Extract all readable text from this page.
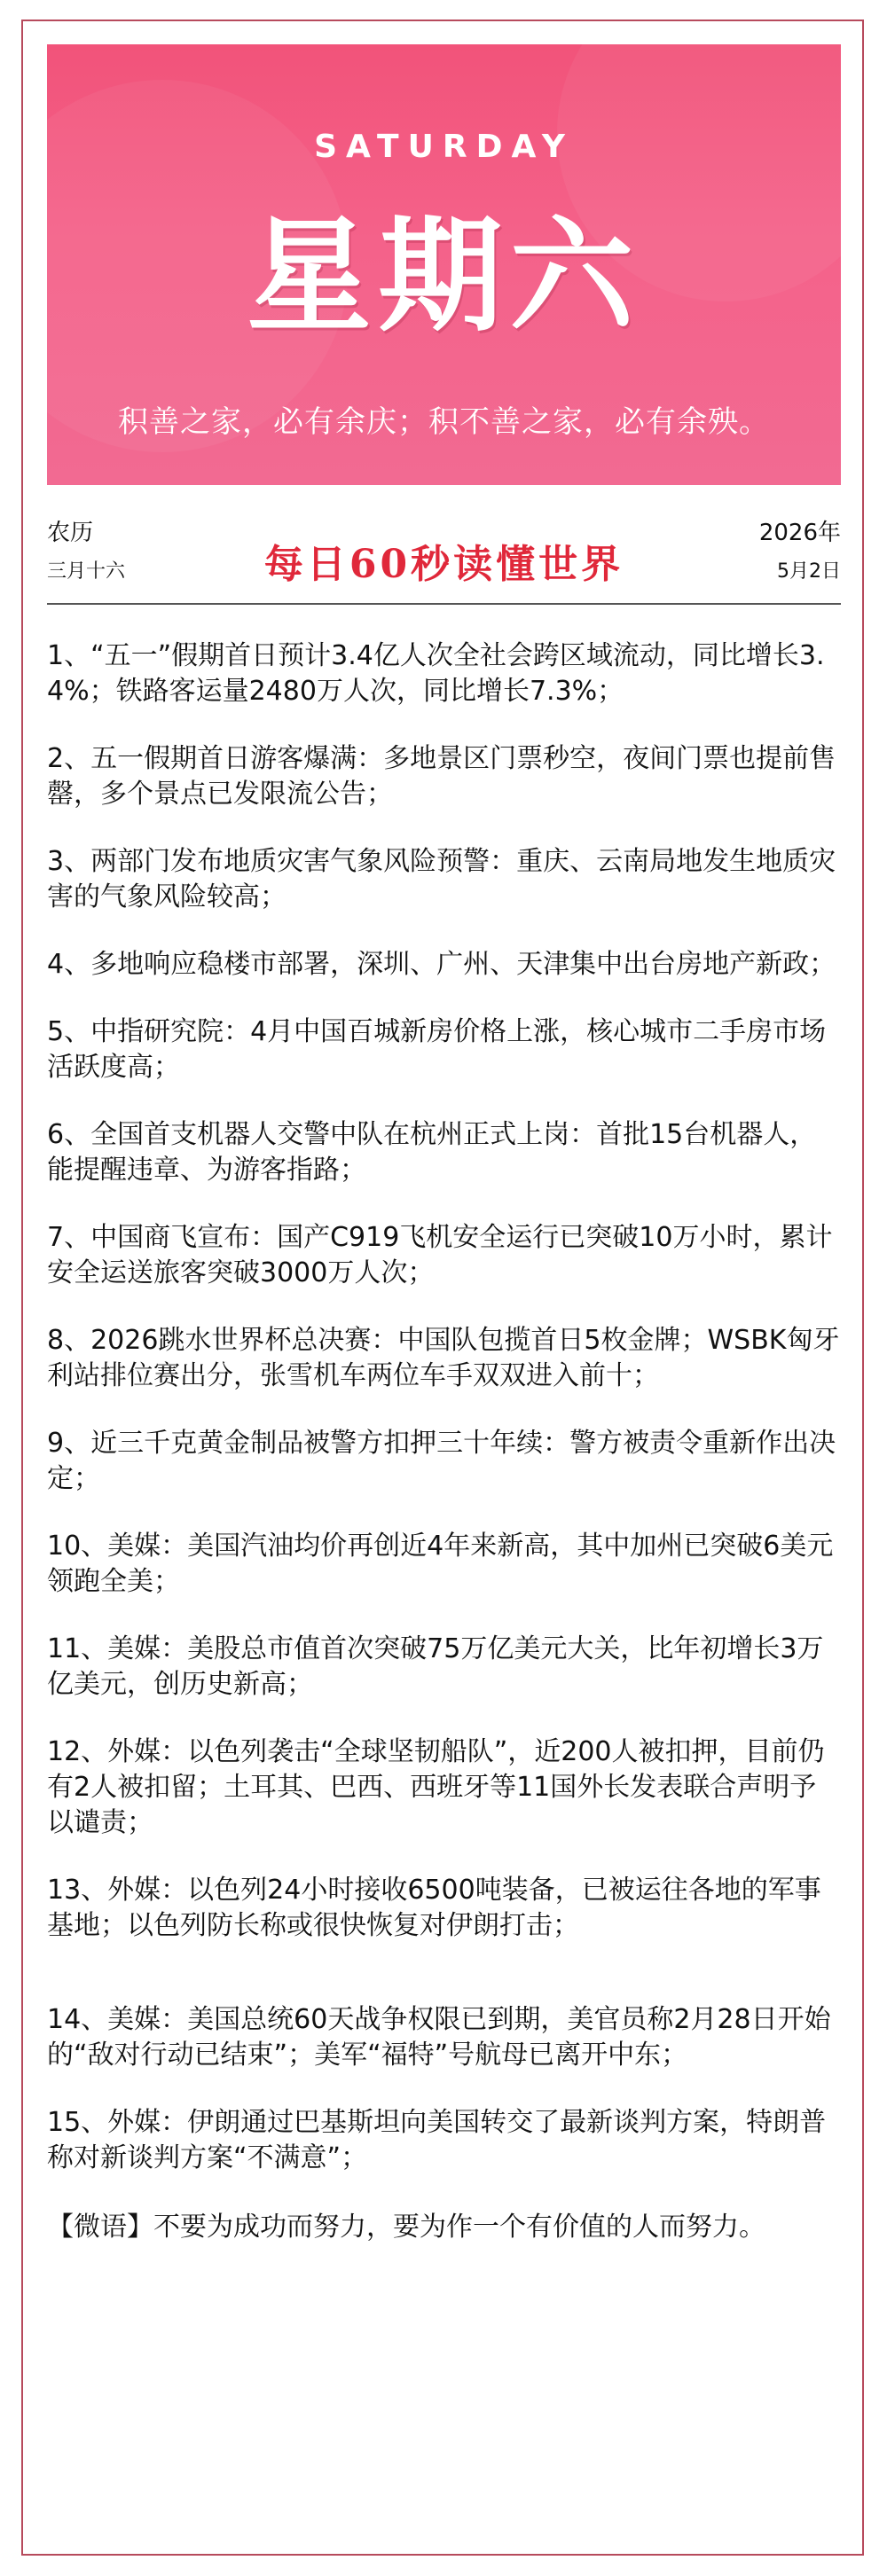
SATURDAY
星期六
积善之家，必有余庆；积不善之家，必有余殃。
农历
三月十六	每日60秒读懂世界
2026年
5月2日
1、“五一”假期首日预计3.4亿人次全社会跨区域流动，同比增长3.4%；铁路客运量2480万人次，同比增长7.3%；
2、五一假期首日游客爆满：多地景区门票秒空，夜间门票也提前售罄，多个景点已发限流公告；
3、两部门发布地质灾害气象风险预警：重庆、云南局地发生地质灾害的气象风险较高；
4、多地响应稳楼市部署，深圳、广州、天津集中出台房地产新政；
5、中指研究院：4月中国百城新房价格上涨，核心城市二手房市场活跃度高；
6、全国首支机器人交警中队在杭州正式上岗：首批15台机器人，能提醒违章、为游客指路；
7、中国商飞宣布：国产C919飞机安全运行已突破10万小时，累计安全运送旅客突破3000万人次；
8、2026跳水世界杯总决赛：中国队包揽首日5枚金牌；WSBK匈牙利站排位赛出分，张雪机车两位车手双双进入前十；
9、近三千克黄金制品被警方扣押三十年续：警方被责令重新作出决定；
10、美媒：美国汽油均价再创近4年来新高，其中加州已突破6美元领跑全美；
11、美媒：美股总市值首次突破75万亿美元大关，比年初增长3万亿美元，创历史新高；
12、外媒：以色列袭击“全球坚韧船队”，近200人被扣押，目前仍有2人被扣留；土耳其、巴西、西班牙等11国外长发表联合声明予以谴责；
13、外媒：以色列24小时接收6500吨装备，已被运往各地的军事基地；以色列防长称或很快恢复对伊朗打击；
14、美媒：美国总统60天战争权限已到期，美官员称2月28日开始的“敌对行动已结束”；美军“福特”号航母已离开中东；
15、外媒：伊朗通过巴基斯坦向美国转交了最新谈判方案，特朗普称对新谈判方案“不满意”；
【微语】不要为成功而努力，要为作一个有价值的人而努力。
